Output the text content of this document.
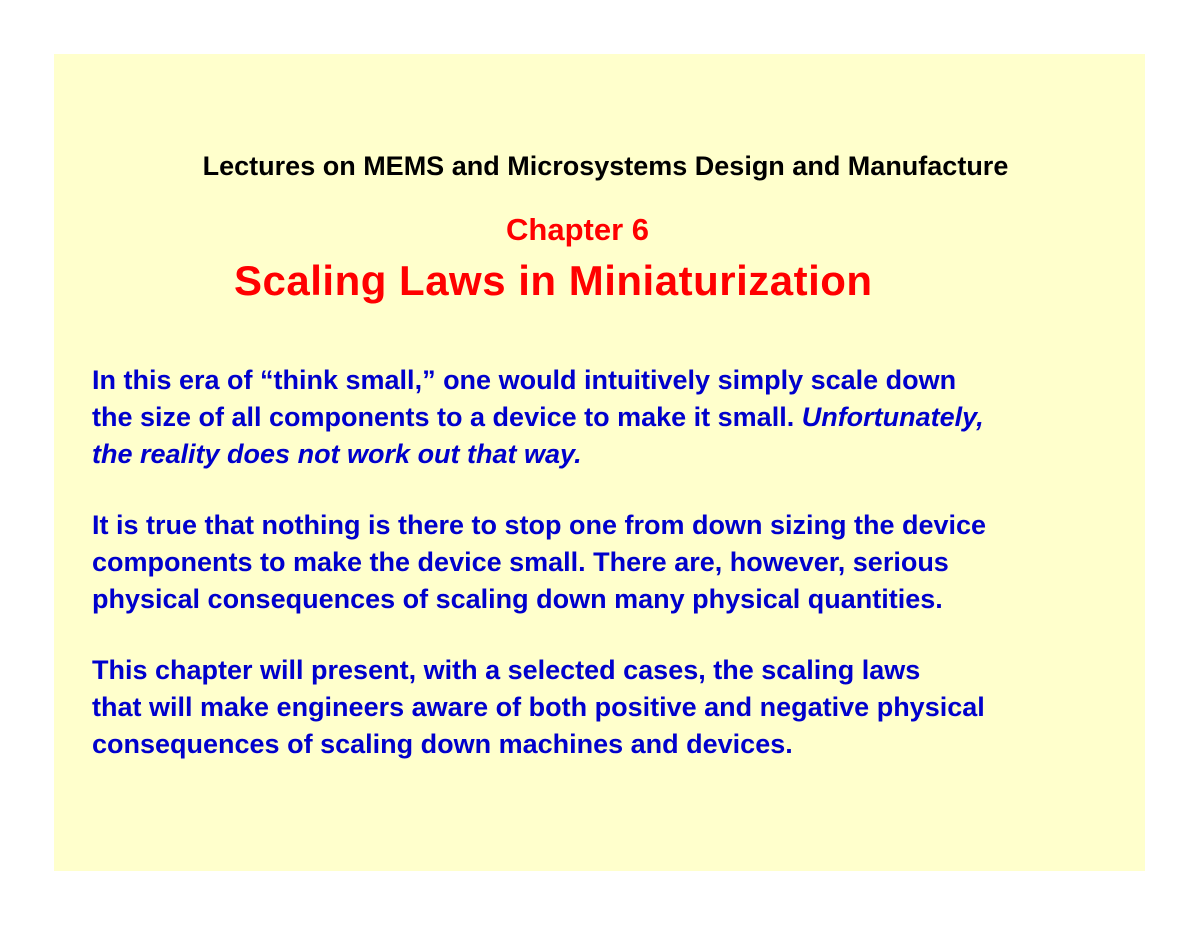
Lectures on MEMS and Microsystems Design and Manufacture
Chapter 6
Scaling Laws in Miniaturization
In this era of “think small,” one would intuitively simply scale down
the size of all components to a device to make it small. Unfortunately,
the reality does not work out that way.
It is true that nothing is there to stop one from down sizing the device
components to make the device small. There are, however, serious
physical consequences of scaling down many physical quantities.
This chapter will present, with a selected cases, the scaling laws
that will make engineers aware of both positive and negative physical
consequences of scaling down machines and devices.
